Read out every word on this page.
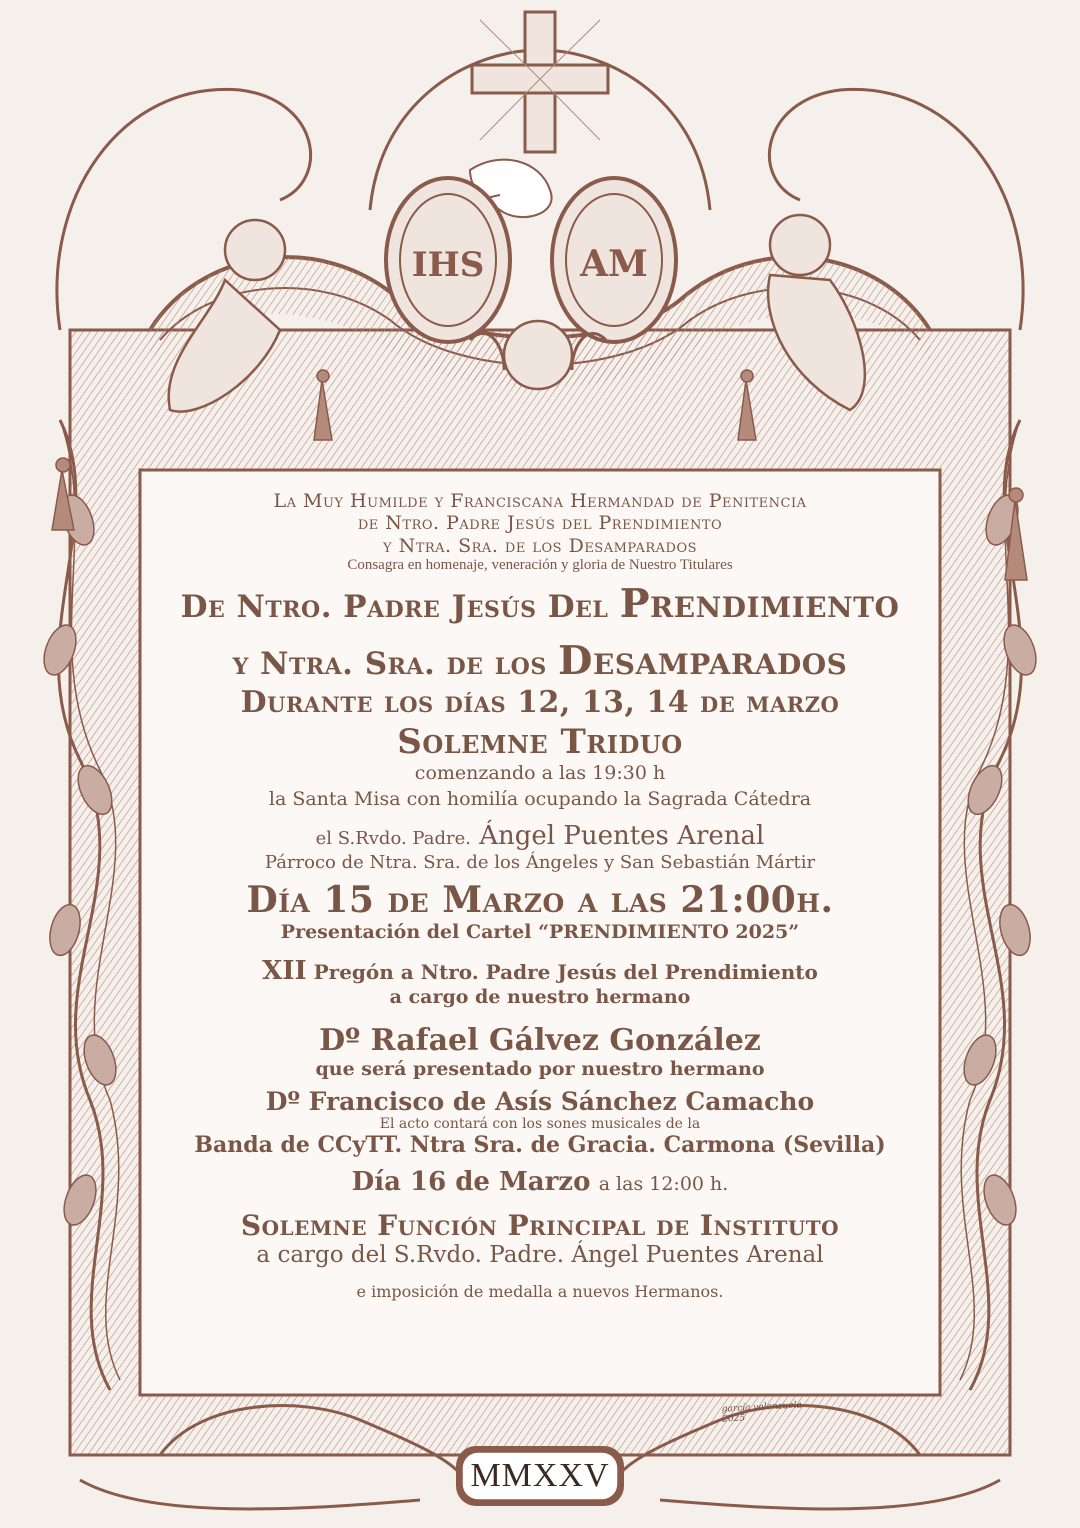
IHS	AM

La Muy Humilde y Franciscana Hermandad de Penitencia

de Ntro. Padre Jesús del Prendimiento

y Ntra. Sra. de los Desamparados

Consagra en homenaje, veneración y gloria de Nuestro Titulares

De Ntro. Padre Jesús Del Prendimiento

y Ntra. Sra. de los Desamparados

Durante los días 12, 13, 14 de marzo

Solemne Triduo

comenzando a las 19:30 h

la Santa Misa con homilía ocupando la Sagrada Cátedra

el S.Rvdo. Padre. Ángel Puentes Arenal

Párroco de Ntra. Sra. de los Ángeles y San Sebastián Mártir

Día 15 de Marzo a las 21:00h.

Presentación del Cartel “PRENDIMIENTO 2025”

XII Pregón a Ntro. Padre Jesús del Prendimiento

a cargo de nuestro hermano

Dº Rafael Gálvez González

que será presentado por nuestro hermano

Dº Francisco de Asís Sánchez Camacho

El acto contará con los sones musicales de la

Banda de CCyTT. Ntra Sra. de Gracia. Carmona (Sevilla)

Día 16 de Marzo a las 12:00 h.

Solemne Función Principal de Instituto

a cargo del S.Rvdo. Padre. Ángel Puentes Arenal

e imposición de medalla a nuevos Hermanos.

garcía valenzuela 2025
MMXXV
